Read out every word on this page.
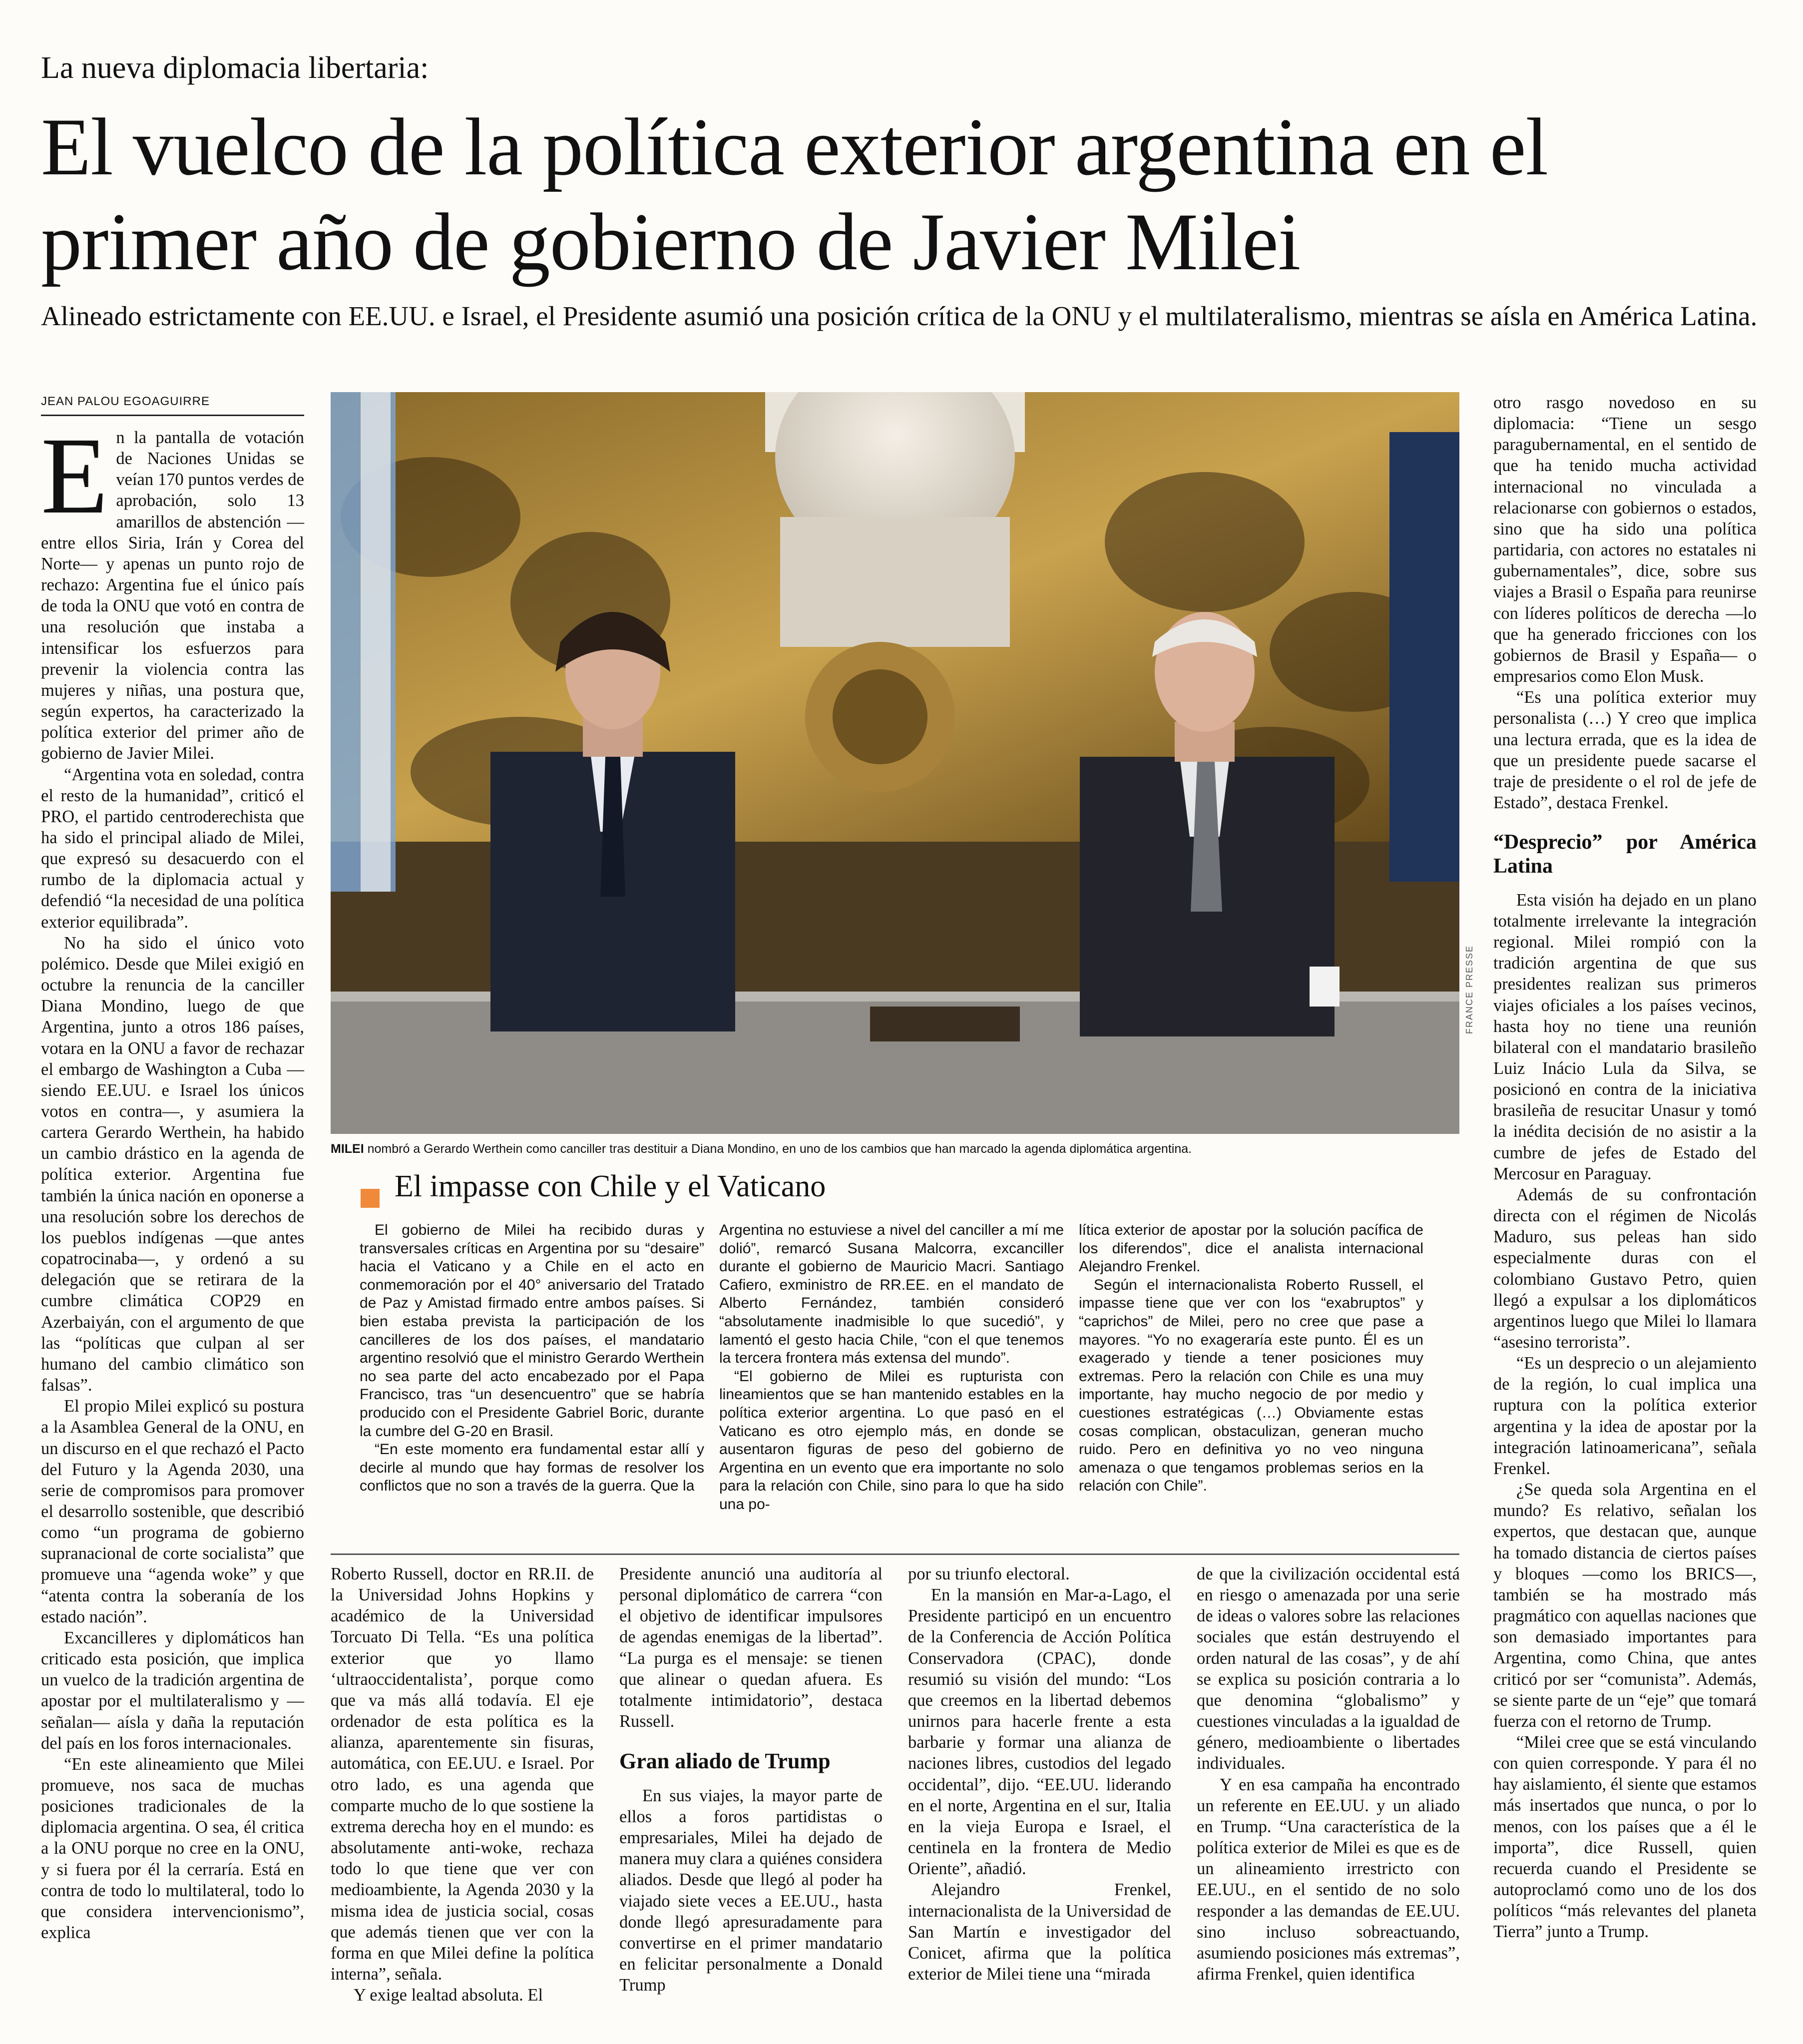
La nueva diplomacia libertaria:
El vuelco de la política exterior argentina en el primer año de gobierno de Javier Milei
Alineado estrictamente con EE.UU. e Israel, el Presidente asumió una posición crítica de la ONU y el multilateralismo, mientras se aísla en América Latina.
JEAN PALOU EGOAGUIRRE

En la pantalla de votación de Naciones Unidas se veían 170 puntos verdes de aprobación, solo 13 amarillos de abstención —entre ellos Siria, Irán y Corea del Norte— y apenas un punto rojo de rechazo: Argentina fue el único país de toda la ONU que votó en contra de una resolución que instaba a intensificar los esfuerzos para prevenir la violencia contra las mujeres y niñas, una postura que, según expertos, ha caracterizado la política exterior del primer año de gobierno de Javier Milei.

“Argentina vota en soledad, contra el resto de la humanidad”, criticó el PRO, el partido centroderechista que ha sido el principal aliado de Milei, que expresó su desacuerdo con el rumbo de la diplomacia actual y defendió “la necesidad de una política exterior equilibrada”.

No ha sido el único voto polémico. Desde que Milei exigió en octubre la renuncia de la canciller Diana Mondino, luego de que Argentina, junto a otros 186 países, votara en la ONU a favor de rechazar el embargo de Washington a Cuba —siendo EE.UU. e Israel los únicos votos en contra—, y asumiera la cartera Gerardo Werthein, ha habido un cambio drástico en la agenda de política exterior. Argentina fue también la única nación en oponerse a una resolución sobre los derechos de los pueblos indígenas —que antes copatrocinaba—, y ordenó a su delegación que se retirara de la cumbre climática COP29 en Azerbaiyán, con el argumento de que las “políticas que culpan al ser humano del cambio climático son falsas”.

El propio Milei explicó su postura a la Asamblea General de la ONU, en un discurso en el que rechazó el Pacto del Futuro y la Agenda 2030, una serie de compromisos para promover el desarrollo sostenible, que describió como “un programa de gobierno supranacional de corte socialista” que promueve una “agenda woke” y que “atenta contra la soberanía de los estado nación”.

Excancilleres y diplomáticos han criticado esta posición, que implica un vuelco de la tradición argentina de apostar por el multilateralismo y —señalan— aísla y daña la reputación del país en los foros internacionales.

“En este alineamiento que Milei promueve, nos saca de muchas posiciones tradicionales de la diplomacia argentina. O sea, él critica a la ONU porque no cree en la ONU, y si fuera por él la cerraría. Está en contra de todo lo multilateral, todo lo que considera intervencionismo”, explica

FRANCE PRESSE
MILEI nombró a Gerardo Werthein como canciller tras destituir a Diana Mondino, en uno de los cambios que han marcado la agenda diplomática argentina.
El impasse con Chile y el Vaticano

El gobierno de Milei ha recibido duras y transversales críticas en Argentina por su “desaire” hacia el Vaticano y a Chile en el acto en conmemoración por el 40° aniversario del Tratado de Paz y Amistad firmado entre ambos países. Si bien estaba prevista la participación de los cancilleres de los dos países, el mandatario argentino resolvió que el ministro Gerardo Werthein no sea parte del acto encabezado por el Papa Francisco, tras “un desencuentro” que se habría producido con el Presidente Gabriel Boric, durante la cumbre del G-20 en Brasil.

“En este momento era fundamental estar allí y decirle al mundo que hay formas de resolver los conflictos que no son a través de la guerra. Que la

Argentina no estuviese a nivel del canciller a mí me dolió”, remarcó Susana Malcorra, excanciller durante el gobierno de Mauricio Macri. Santiago Cafiero, exministro de RR.EE. en el mandato de Alberto Fernández, también consideró “absolutamente inadmisible lo que sucedió”, y lamentó el gesto hacia Chile, “con el que tenemos la tercera frontera más extensa del mundo”.

“El gobierno de Milei es rupturista con lineamientos que se han mantenido estables en la política exterior argentina. Lo que pasó en el Vaticano es otro ejemplo más, en donde se ausentaron figuras de peso del gobierno de Argentina en un evento que era importante no solo para la relación con Chile, sino para lo que ha sido una po-

lítica exterior de apostar por la solución pacífica de los diferendos”, dice el analista internacional Alejandro Frenkel.

Según el internacionalista Roberto Russell, el impasse tiene que ver con los “exabruptos” y “caprichos” de Milei, pero no cree que pase a mayores. “Yo no exageraría este punto. Él es un exagerado y tiende a tener posiciones muy extremas. Pero la relación con Chile es una muy importante, hay mucho negocio de por medio y cuestiones estratégicas (…) Obviamente estas cosas complican, obstaculizan, generan mucho ruido. Pero en definitiva yo no veo ninguna amenaza o que tengamos problemas serios en la relación con Chile”.

Roberto Russell, doctor en RR.II. de la Universidad Johns Hopkins y académico de la Universidad Torcuato Di Tella. “Es una política exterior que yo llamo ‘ultraoccidentalista’, porque como que va más allá todavía. El eje ordenador de esta política es la alianza, aparentemente sin fisuras, automática, con EE.UU. e Israel. Por otro lado, es una agenda que comparte mucho de lo que sostiene la extrema derecha hoy en el mundo: es absolutamente anti-woke, rechaza todo lo que tiene que ver con medioambiente, la Agenda 2030 y la misma idea de justicia social, cosas que además tienen que ver con la forma en que Milei define la política interna”, señala.

Y exige lealtad absoluta. El

Presidente anunció una auditoría al personal diplomático de carrera “con el objetivo de identificar impulsores de agendas enemigas de la libertad”. “La purga es el mensaje: se tienen que alinear o quedan afuera. Es totalmente intimidatorio”, destaca Russell.

Gran aliado de Trump

En sus viajes, la mayor parte de ellos a foros partidistas o empresariales, Milei ha dejado de manera muy clara a quiénes considera aliados. Desde que llegó al poder ha viajado siete veces a EE.UU., hasta donde llegó apresuradamente para convertirse en el primer mandatario en felicitar personalmente a Donald Trump

por su triunfo electoral.

En la mansión en Mar-a-Lago, el Presidente participó en un encuentro de la Conferencia de Acción Política Conservadora (CPAC), donde resumió su visión del mundo: “Los que creemos en la libertad debemos unirnos para hacerle frente a esta barbarie y formar una alianza de naciones libres, custodios del legado occidental”, dijo. “EE.UU. liderando en el norte, Argentina en el sur, Italia en la vieja Europa e Israel, el centinela en la frontera de Medio Oriente”, añadió.

Alejandro Frenkel, internacionalista de la Universidad de San Martín e investigador del Conicet, afirma que la política exterior de Milei tiene una “mirada

de que la civilización occidental está en riesgo o amenazada por una serie de ideas o valores sobre las relaciones sociales que están destruyendo el orden natural de las cosas”, y de ahí se explica su posición contraria a lo que denomina “globalismo” y cuestiones vinculadas a la igualdad de género, medioambiente o libertades individuales.

Y en esa campaña ha encontrado un referente en EE.UU. y un aliado en Trump. “Una característica de la política exterior de Milei es que es de un alineamiento irrestricto con EE.UU., en el sentido de no solo responder a las demandas de EE.UU. sino incluso sobreactuando, asumiendo posiciones más extremas”, afirma Frenkel, quien identifica

otro rasgo novedoso en su diplomacia: “Tiene un sesgo paragubernamental, en el sentido de que ha tenido mucha actividad internacional no vinculada a relacionarse con gobiernos o estados, sino que ha sido una política partidaria, con actores no estatales ni gubernamentales”, dice, sobre sus viajes a Brasil o España para reunirse con líderes políticos de derecha —lo que ha generado fricciones con los gobiernos de Brasil y España— o empresarios como Elon Musk.

“Es una política exterior muy personalista (…) Y creo que implica una lectura errada, que es la idea de que un presidente puede sacarse el traje de presidente o el rol de jefe de Estado”, destaca Frenkel.

“Desprecio” por América Latina

Esta visión ha dejado en un plano totalmente irrelevante la integración regional. Milei rompió con la tradición argentina de que sus presidentes realizan sus primeros viajes oficiales a los países vecinos, hasta hoy no tiene una reunión bilateral con el mandatario brasileño Luiz Inácio Lula da Silva, se posicionó en contra de la iniciativa brasileña de resucitar Unasur y tomó la inédita decisión de no asistir a la cumbre de jefes de Estado del Mercosur en Paraguay.

Además de su confrontación directa con el régimen de Nicolás Maduro, sus peleas han sido especialmente duras con el colombiano Gustavo Petro, quien llegó a expulsar a los diplomáticos argentinos luego que Milei lo llamara “asesino terrorista”.

“Es un desprecio o un alejamiento de la región, lo cual implica una ruptura con la política exterior argentina y la idea de apostar por la integración latinoamericana”, señala Frenkel.

¿Se queda sola Argentina en el mundo? Es relativo, señalan los expertos, que destacan que, aunque ha tomado distancia de ciertos países y bloques —como los BRICS—, también se ha mostrado más pragmático con aquellas naciones que son demasiado importantes para Argentina, como China, que antes criticó por ser “comunista”. Además, se siente parte de un “eje” que tomará fuerza con el retorno de Trump.

“Milei cree que se está vinculando con quien corresponde. Y para él no hay aislamiento, él siente que estamos más insertados que nunca, o por lo menos, con los países que a él le importa”, dice Russell, quien recuerda cuando el Presidente se autoproclamó como uno de los dos políticos “más relevantes del planeta Tierra” junto a Trump.
